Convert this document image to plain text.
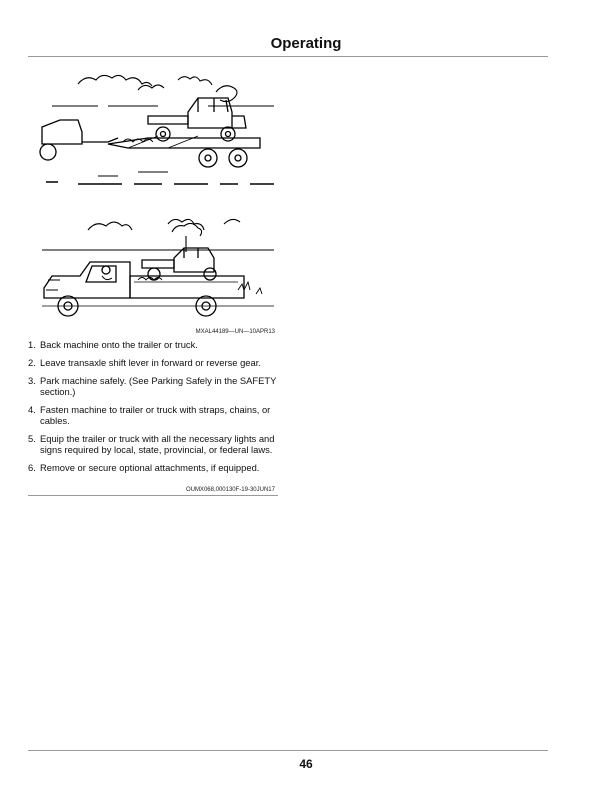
Operating
MXAL44189—UN—10APR13
1. Back machine onto the trailer or truck.
2. Leave transaxle shift lever in forward or reverse gear.
3. Park machine safely. (See Parking Safely in the SAFETY section.)
4. Fasten machine to trailer or truck with straps, chains, or cables.
5. Equip the trailer or truck with all the necessary lights and signs required by local, state, provincial, or federal laws.
6. Remove or secure optional attachments, if equipped.
OUMX068,000130F-19-30JUN17
46
